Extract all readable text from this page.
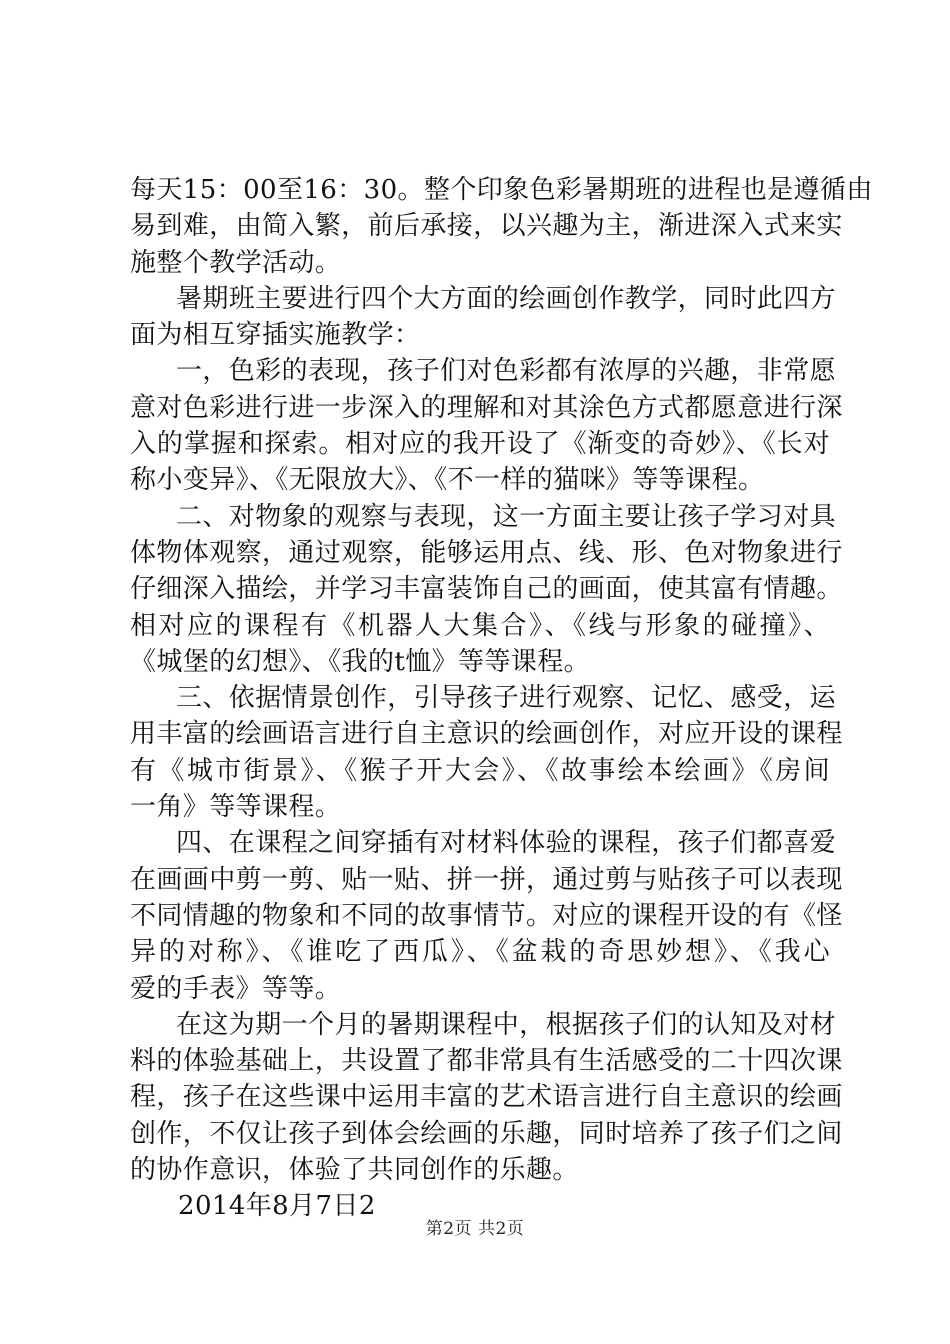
每天15：00至16：30。整个印象色彩暑期班的进程也是遵循由
易到难，由简入繁，前后承接，以兴趣为主，渐进深入式来实
施整个教学活动。
暑期班主要进行四个大方面的绘画创作教学，同时此四方
面为相互穿插实施教学：
一，色彩的表现，孩子们对色彩都有浓厚的兴趣，非常愿
意对色彩进行进一步深入的理解和对其涂色方式都愿意进行深
入的掌握和探索。相对应的我开设了《渐变的奇妙》、《长对
称小变异》、《无限放大》、《不一样的猫咪》等等课程。
二、对物象的观察与表现，这一方面主要让孩子学习对具
体物体观察，通过观察，能够运用点、线、形、色对物象进行
仔细深入描绘，并学习丰富装饰自己的画面，使其富有情趣。
相对应的课程有《机器人大集合》、《线与形象的碰撞》、
《城堡的幻想》、《我的t恤》等等课程。
三、依据情景创作，引导孩子进行观察、记忆、感受，运
用丰富的绘画语言进行自主意识的绘画创作，对应开设的课程
有《城市街景》、《猴子开大会》、《故事绘本绘画》《房间
一角》等等课程。
四、在课程之间穿插有对材料体验的课程，孩子们都喜爱
在画画中剪一剪、贴一贴、拼一拼，通过剪与贴孩子可以表现
不同情趣的物象和不同的故事情节。对应的课程开设的有《怪
异的对称》、《谁吃了西瓜》、《盆栽的奇思妙想》、《我心
爱的手表》等等。
在这为期一个月的暑期课程中，根据孩子们的认知及对材
料的体验基础上，共设置了都非常具有生活感受的二十四次课
程，孩子在这些课中运用丰富的艺术语言进行自主意识的绘画
创作，不仅让孩子到体会绘画的乐趣，同时培养了孩子们之间
的协作意识，体验了共同创作的乐趣。
2014年8月7日2
第2页 共2页
